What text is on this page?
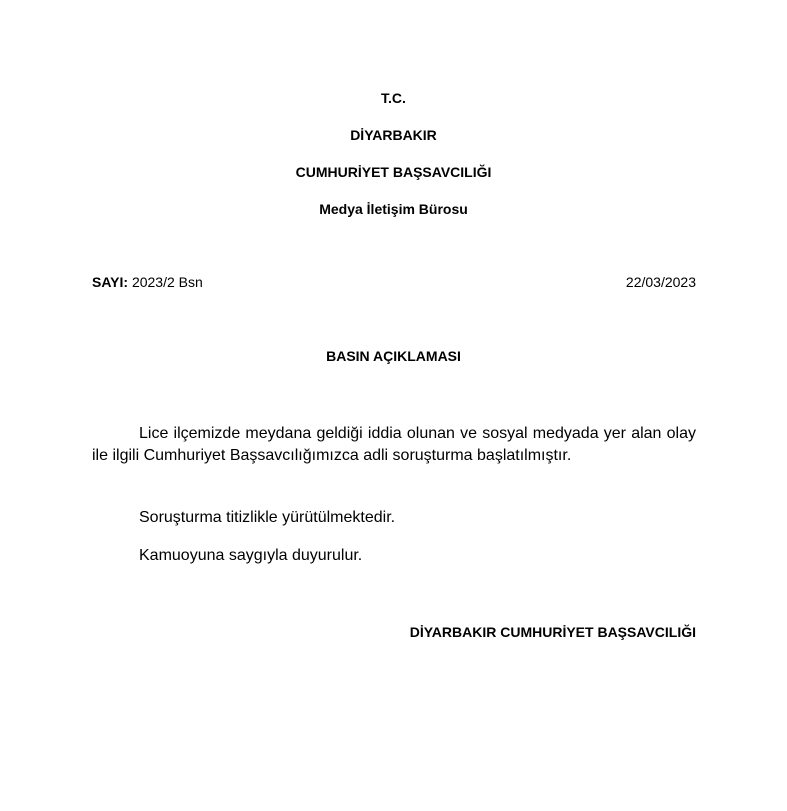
T.C.
DİYARBAKIR
CUMHURİYET BAŞSAVCILIĞI
Medya İletişim Bürosu
SAYI: 2023/2 Bsn	22/03/2023
BASIN AÇIKLAMASI
Lice ilçemizde meydana geldiği iddia olunan ve sosyal medyada yer alan olay ile ilgili Cumhuriyet Başsavcılığımızca adli soruşturma başlatılmıştır.
Soruşturma titizlikle yürütülmektedir.
Kamuoyuna saygıyla duyurulur.
DİYARBAKIR CUMHURİYET BAŞSAVCILIĞI
